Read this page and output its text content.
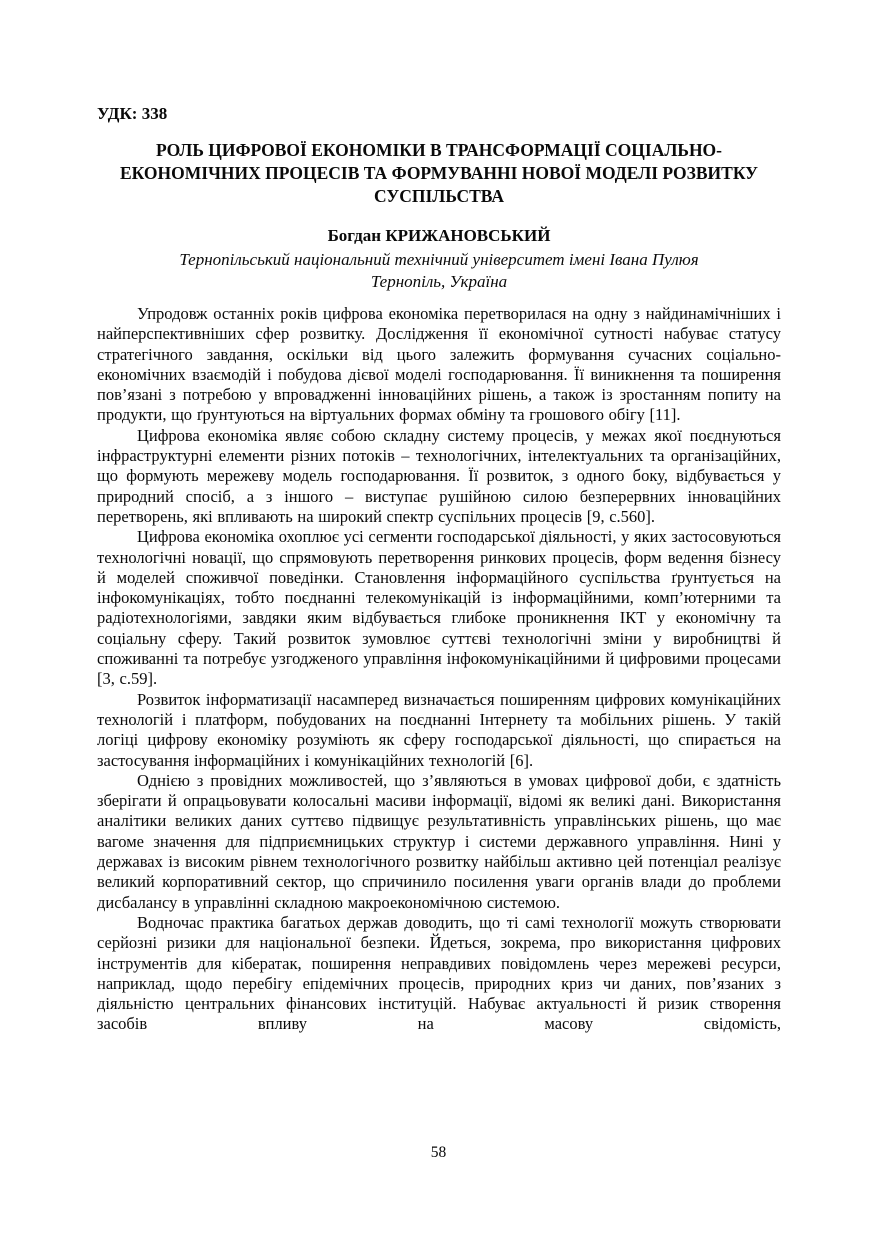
УДК: 338
РОЛЬ ЦИФРОВОЇ ЕКОНОМІКИ В ТРАНСФОРМАЦІЇ СОЦІАЛЬНО-ЕКОНОМІЧНИХ ПРОЦЕСІВ ТА ФОРМУВАННІ НОВОЇ МОДЕЛІ РОЗВИТКУ СУСПІЛЬСТВА
Богдан КРИЖАНОВСЬКИЙ
Тернопільський національний технічний університет імені Івана Пулюя
Тернопіль, Україна

Упродовж останніх років цифрова економіка перетворилася на одну з найдинамічніших і найперспективніших сфер розвитку. Дослідження її економічної сутності набуває статусу стратегічного завдання, оскільки від цього залежить формування сучасних соціально-економічних взаємодій і побудова дієвої моделі господарювання. Її виникнення та поширення пов’язані з потребою у впровадженні інноваційних рішень, а також із зростанням попиту на продукти, що ґрунтуються на віртуальних формах обміну та грошового обігу [11].

Цифрова економіка являє собою складну систему процесів, у межах якої поєднуються інфраструктурні елементи різних потоків – технологічних, інтелектуальних та організаційних, що формують мережеву модель господарювання. Її розвиток, з одного боку, відбувається у природний спосіб, а з іншого – виступає рушійною силою безперервних інноваційних перетворень, які впливають на широкий спектр суспільних процесів [9, с.560].

Цифрова економіка охоплює усі сегменти господарської діяльності, у яких застосовуються технологічні новації, що спрямовують перетворення ринкових процесів, форм ведення бізнесу й моделей споживчої поведінки. Становлення інформаційного суспільства ґрунтується на інфокомунікаціях, тобто поєднанні телекомунікацій із інформаційними, комп’ютерними та радіотехнологіями, завдяки яким відбувається глибоке проникнення ІКТ у економічну та соціальну сферу. Такий розвиток зумовлює суттєві технологічні зміни у виробництві й споживанні та потребує узгодженого управління інфокомунікаційними й цифровими процесами [3, с.59].

Розвиток інформатизації насамперед визначається поширенням цифрових комунікаційних технологій і платформ, побудованих на поєднанні Інтернету та мобільних рішень. У такій логіці цифрову економіку розуміють як сферу господарської діяльності, що спирається на застосування інформаційних і комунікаційних технологій [6].

Однією з провідних можливостей, що з’являються в умовах цифрової доби, є здатність зберігати й опрацьовувати колосальні масиви інформації, відомі як великі дані. Використання аналітики великих даних суттєво підвищує результативність управлінських рішень, що має вагоме значення для підприємницьких структур і системи державного управління. Нині у державах із високим рівнем технологічного розвитку найбільш активно цей потенціал реалізує великий корпоративний сектор, що спричинило посилення уваги органів влади до проблеми дисбалансу в управлінні складною макроекономічною системою.

Водночас практика багатьох держав доводить, що ті самі технології можуть створювати серйозні ризики для національної безпеки. Йдеться, зокрема, про використання цифрових інструментів для кібератак, поширення неправдивих повідомлень через мережеві ресурси, наприклад, щодо перебігу епідемічних процесів, природних криз чи даних, пов’язаних з діяльністю центральних фінансових інституцій. Набуває актуальності й ризик створення засобів впливу на масову свідомість,

58
